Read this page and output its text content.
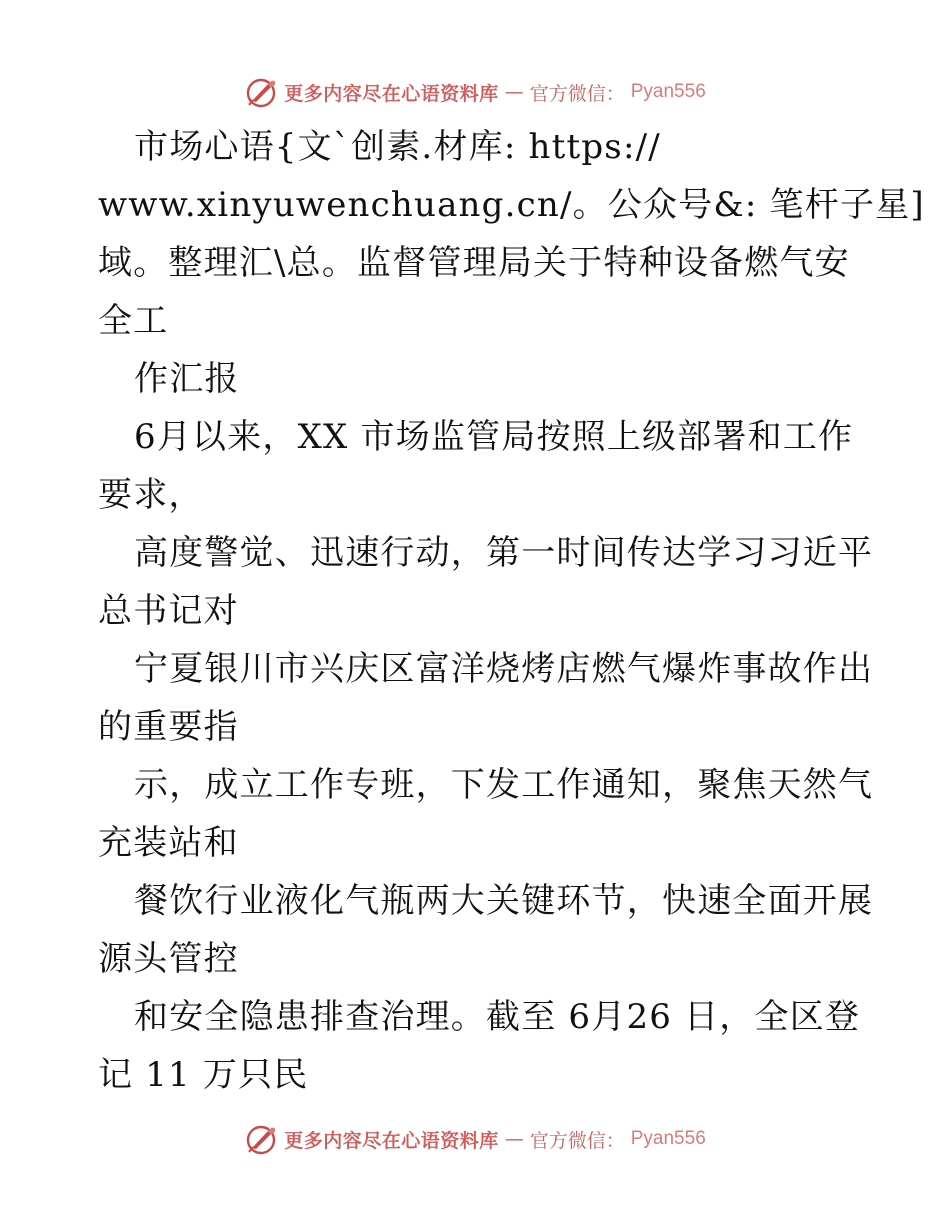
更多内容尽在心语资料库 — 官方微信： Pyan556
市场心语{文`创素.材库: https://
www.xinyuwenchuang.cn/。公众号&: 笔杆子星]
域。整理汇\总。监督管理局关于特种设备燃气安
全工
作汇报
6月以来，XX 市场监管局按照上级部署和工作
要求，
高度警觉、迅速行动，第一时间传达学习习近平
总书记对
宁夏银川市兴庆区富洋烧烤店燃气爆炸事故作出
的重要指
示，成立工作专班，下发工作通知，聚焦天然气
充装站和
餐饮行业液化气瓶两大关键环节，快速全面开展
源头管控
和安全隐患排查治理。截至 6月26 日，全区登
记 11 万只民
更多内容尽在心语资料库 — 官方微信： Pyan556
